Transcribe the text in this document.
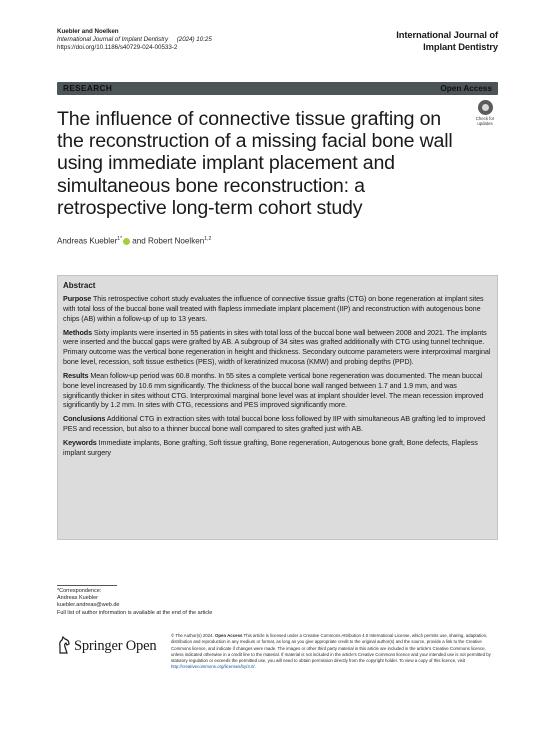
Kuebler and Noelken
International Journal of Implant Dentistry (2024) 10:25
https://doi.org/10.1186/s40729-024-00533-2
International Journal of
Implant Dentistry
RESEARCH	Open Access
Check for
updates
The influence of connective tissue grafting on the reconstruction of a missing facial bone wall using immediate implant placement and simultaneous bone reconstruction: a retrospective long-term cohort study
Andreas Kuebler$^{1*}$ and Robert Noelken$^{1,2}$
Abstract

Purpose This retrospective cohort study evaluates the influence of connective tissue grafts (CTG) on bone regeneration at implant sites with total loss of the buccal bone wall treated with flapless immediate implant placement (IIP) and reconstruction with autogenous bone chips (AB) within a follow-up of up to 13 years.

Methods Sixty implants were inserted in 55 patients in sites with total loss of the buccal bone wall between 2008 and 2021. The implants were inserted and the buccal gaps were grafted by AB. A subgroup of 34 sites was grafted additionally with CTG using tunnel technique. Primary outcome was the vertical bone regeneration in height and thickness. Secondary outcome parameters were interproximal marginal bone level, recession, soft tissue esthetics (PES), width of keratinized mucosa (KMW) and probing depths (PPD).

Results Mean follow-up period was 60.8 months. In 55 sites a complete vertical bone regeneration was documented. The mean buccal bone level increased by 10.6 mm significantly. The thickness of the buccal bone wall ranged between 1.7 and 1.9 mm, and was significantly thicker in sites without CTG. Interproximal marginal bone level was at implant shoulder level. The mean recession improved significantly by 1.2 mm. In sites with CTG, recessions and PES improved significantly more.

Conclusions Additional CTG in extraction sites with total buccal bone loss followed by IIP with simultaneous AB grafting led to improved PES and recession, but also to a thinner buccal bone wall compared to sites grafted just with AB.

Keywords Immediate implants, Bone grafting, Soft tissue grafting, Bone regeneration, Autogenous bone graft, Bone defects, Flapless implant surgery

*Correspondence:
Andreas Kuebler
kuebler.andreas@web.de
Full list of author information is available at the end of the article
Springer Open
© The Author(s) 2024. Open Access This article is licensed under a Creative Commons Attribution 4.0 International License, which permits use, sharing, adaptation, distribution and reproduction in any medium or format, as long as you give appropriate credit to the original author(s) and the source, provide a link to the Creative Commons licence, and indicate if changes were made. The images or other third party material in this article are included in the article's Creative Commons licence, unless indicated otherwise in a credit line to the material. If material is not included in the article's Creative Commons licence and your intended use is not permitted by statutory regulation or exceeds the permitted use, you will need to obtain permission directly from the copyright holder. To view a copy of this licence, visit http://creativecommons.org/licenses/by/4.0/.
